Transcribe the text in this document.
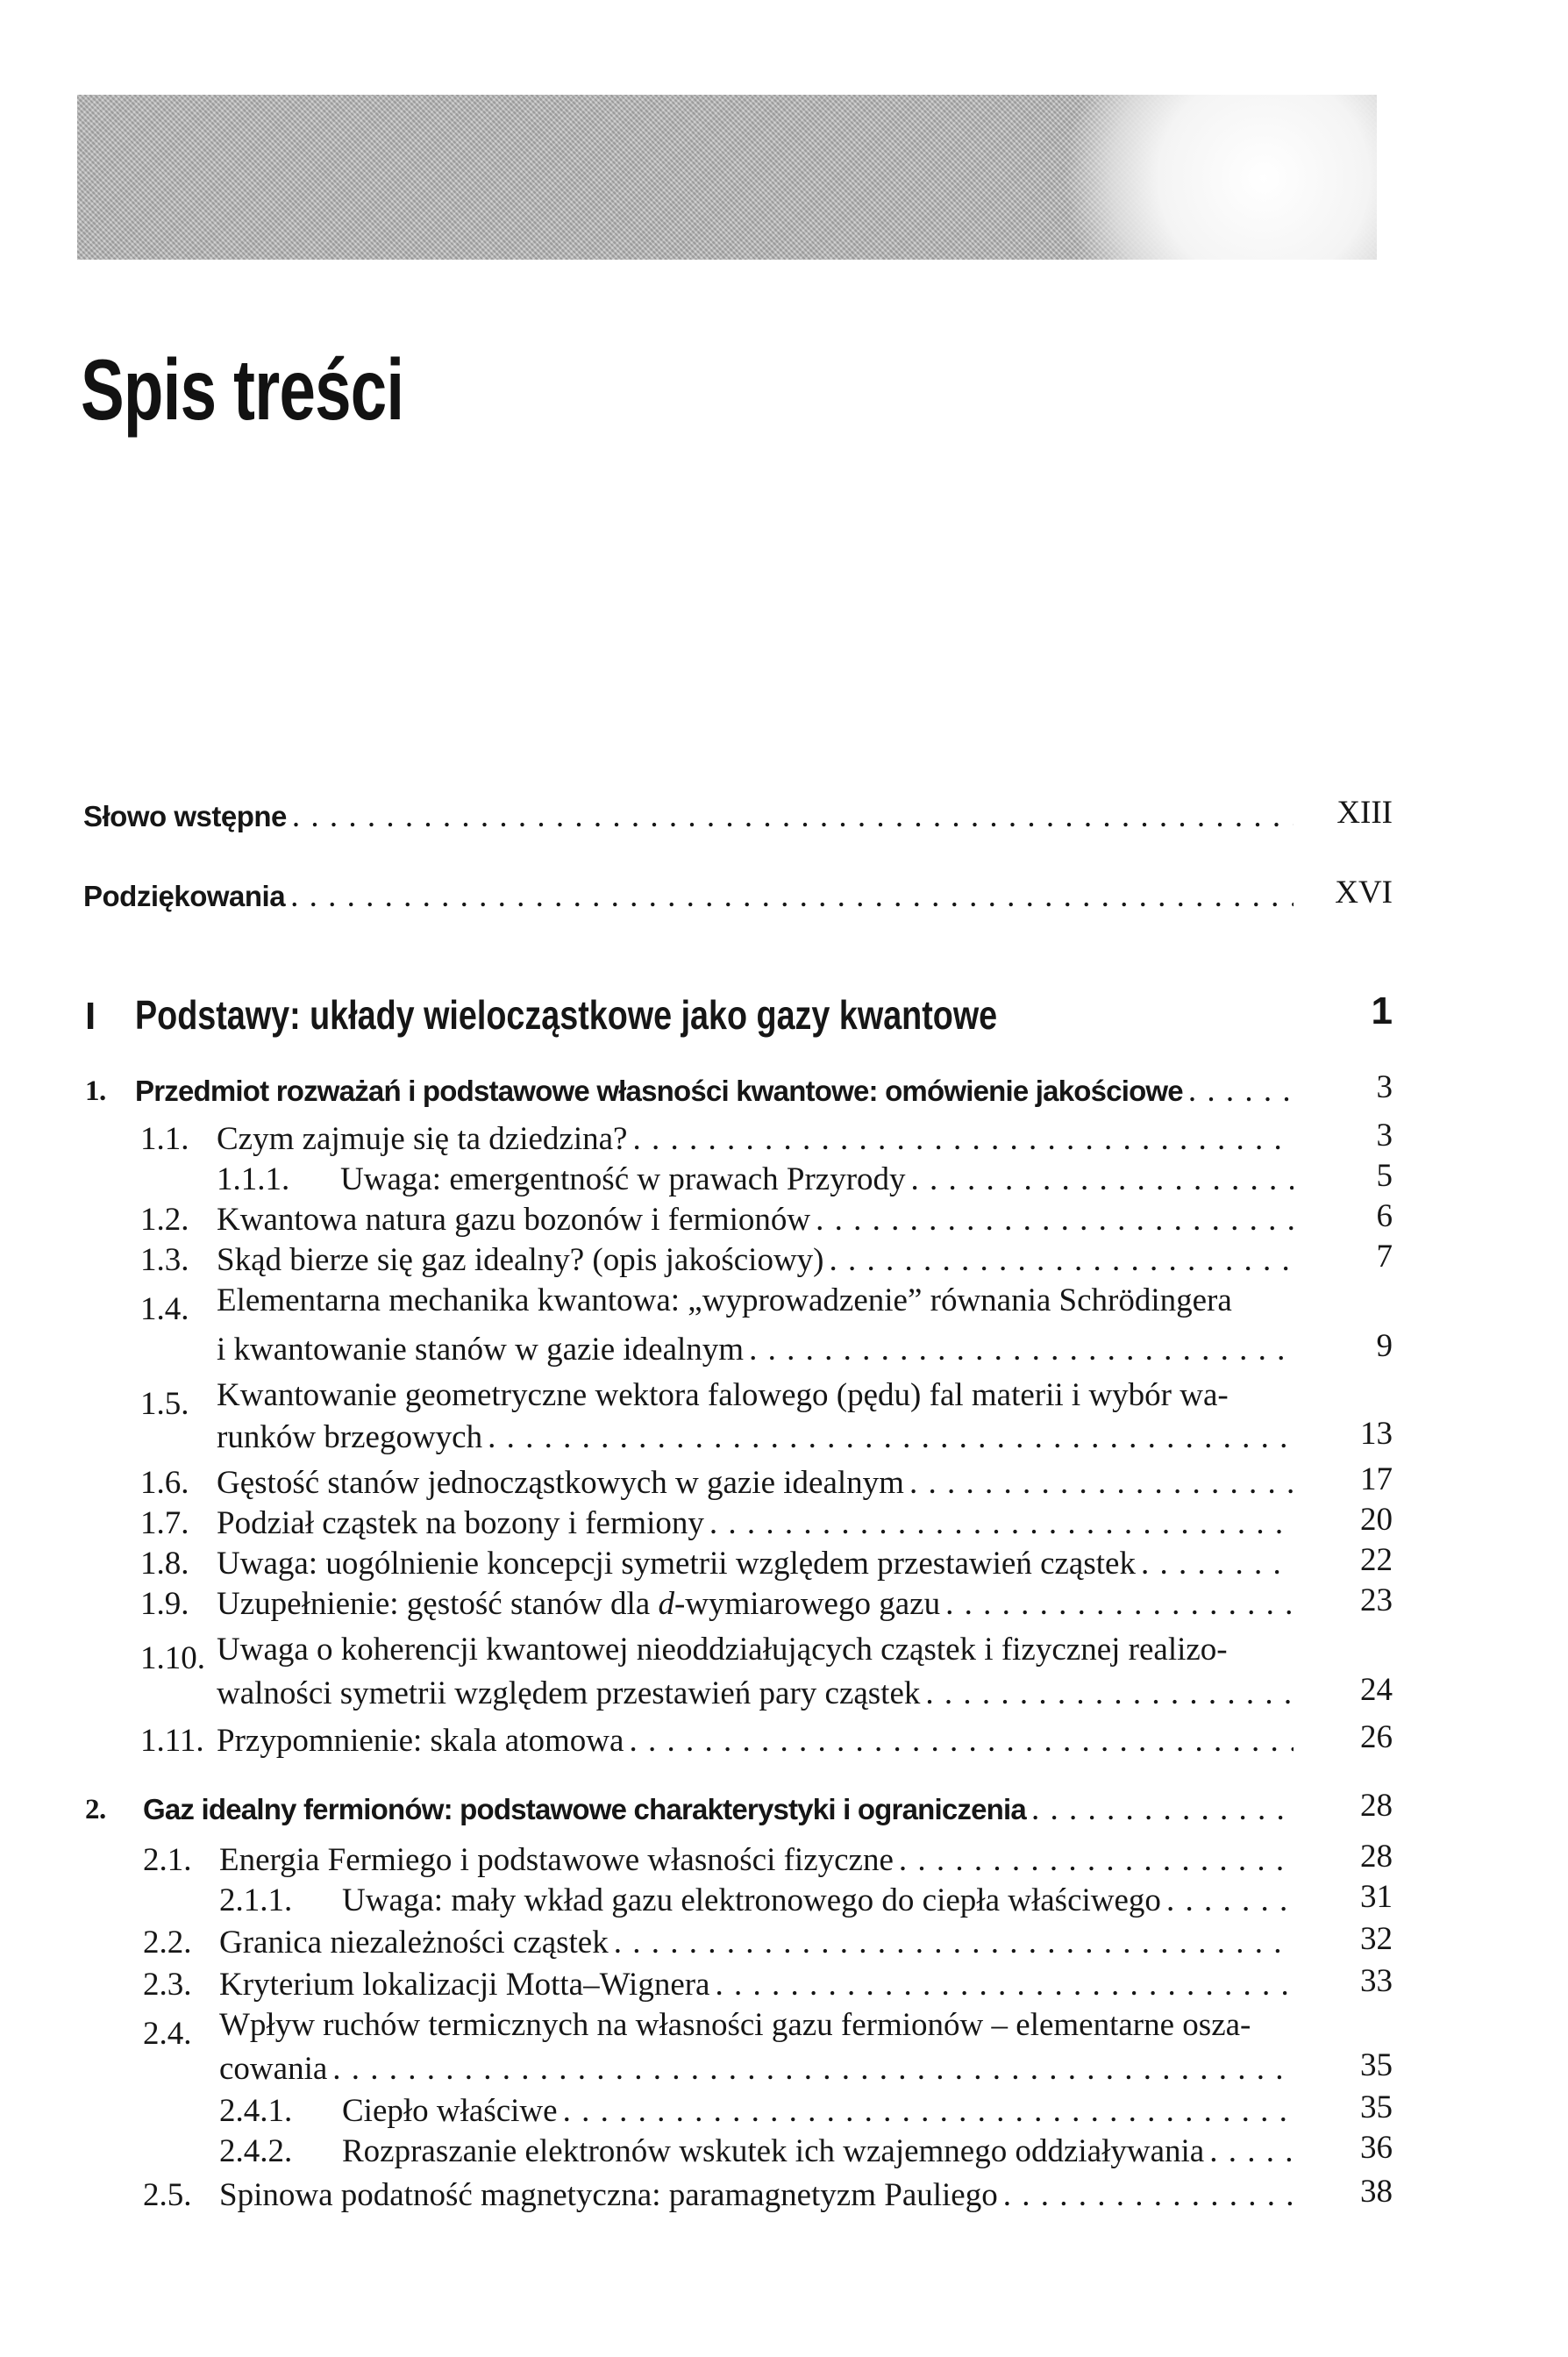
Spis treści
Słowo wstępne . . .	XIII
Podziękowania . . .	XVI
I Podstawy: układy wielocząstkowe jako gazy kwantowe	1
1. Przedmiot rozważań i podstawowe własności kwantowe: omówienie jakościowe . . .	3
1.1. Czym zajmuje się ta dziedzina? . . .	3
1.1.1. Uwaga: emergentność w prawach Przyrody . . .	5
1.2. Kwantowa natura gazu bozonów i fermionów . . .	6
1.3. Skąd bierze się gaz idealny? (opis jakościowy) . . .	7
1.4. Elementarna mechanika kwantowa: „wyprowadzenie” równania Schrödingera
i kwantowanie stanów w gazie idealnym . . .	9
1.5. Kwantowanie geometryczne wektora falowego (pędu) fal materii i wybór wa-
runków brzegowych . . .	13
1.6. Gęstość stanów jednocząstkowych w gazie idealnym . . .	17
1.7. Podział cząstek na bozony i fermiony . . .	20
1.8. Uwaga: uogólnienie koncepcji symetrii względem przestawień cząstek . . .	22
1.9. Uzupełnienie: gęstość stanów dla d-wymiarowego gazu . . .	23
1.10. Uwaga o koherencji kwantowej nieoddziałujących cząstek i fizycznej realizo-
walności symetrii względem przestawień pary cząstek . . .	24
1.11. Przypomnienie: skala atomowa . . .	26
2. Gaz idealny fermionów: podstawowe charakterystyki i ograniczenia . . .	28
2.1. Energia Fermiego i podstawowe własności fizyczne . . .	28
2.1.1. Uwaga: mały wkład gazu elektronowego do ciepła właściwego . . .	31
2.2. Granica niezależności cząstek . . .	32
2.3. Kryterium lokalizacji Motta–Wignera . . .	33
2.4. Wpływ ruchów termicznych na własności gazu fermionów – elementarne osza-
cowania . . .	35
2.4.1. Ciepło właściwe . . .	35
2.4.2. Rozpraszanie elektronów wskutek ich wzajemnego oddziaływania . . .	36
2.5. Spinowa podatność magnetyczna: paramagnetyzm Pauliego . . .	38
